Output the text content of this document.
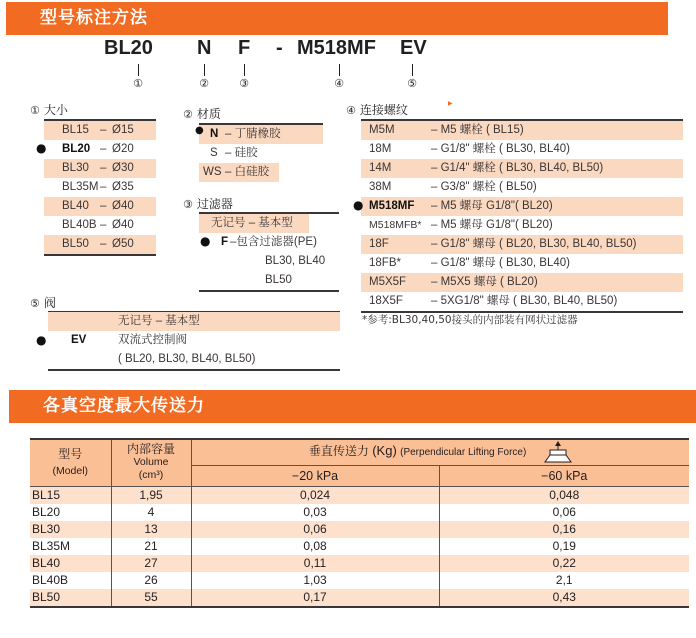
型号标注方法
BL20 N F - M518MF EV
①	②	③	④	⑤
① 大小
BL15 – Ø15
BL20 – Ø20
BL30 – Ø30
BL35M – Ø35
BL40 – Ø40
BL40B – Ø40
BL50 – Ø50
●
② 材质
N – 丁腈橡胶
S – 硅胶
WS – 白硅胶
●
③ 过滤器
无记号 – 基本型
F –包含过滤器(PE)
BL30, BL40
BL50
●
④ 连接螺纹	▶
M5M	– M5 螺栓 ( BL15)
18M	– G1/8" 螺栓 ( BL30, BL40)
14M	– G1/4" 螺栓 ( BL30, BL40, BL50)
38M	– G3/8" 螺栓 ( BL50)
M518MF – M5 螺母 G1/8"( BL20)
M518MFB* – M5 螺母 G1/8"( BL20)
18F	– G1/8" 螺母 ( BL20, BL30, BL40, BL50)
18FB*	– G1/8" 螺母 ( BL30, BL40)
M5X5F – M5X5 螺母 ( BL20)
18X5F – 5XG1/8" 螺母 ( BL30, BL40, BL50)
●
*参考:BL30,40,50接头的内部装有网状过滤器
⑤ 阀
无记号 – 基本型
EV	双流式控制阀
( BL20, BL30, BL40, BL50)
●
各真空度最大传送力
型号
(Model)

内部容量
Volume
(cm³)
	垂直传送力 (Kg) (Perpendicular Lifting Force)
		−20 kPa	−60 kPa
BL15	1,95	0,024	0,048
BL20	4	0,03	0,06
BL30	13	0,06	0,16
BL35M	21	0,08	0,19
BL40	27	0,11	0,22
BL40B	26	1,03	2,1
BL50	55	0,17	0,43
